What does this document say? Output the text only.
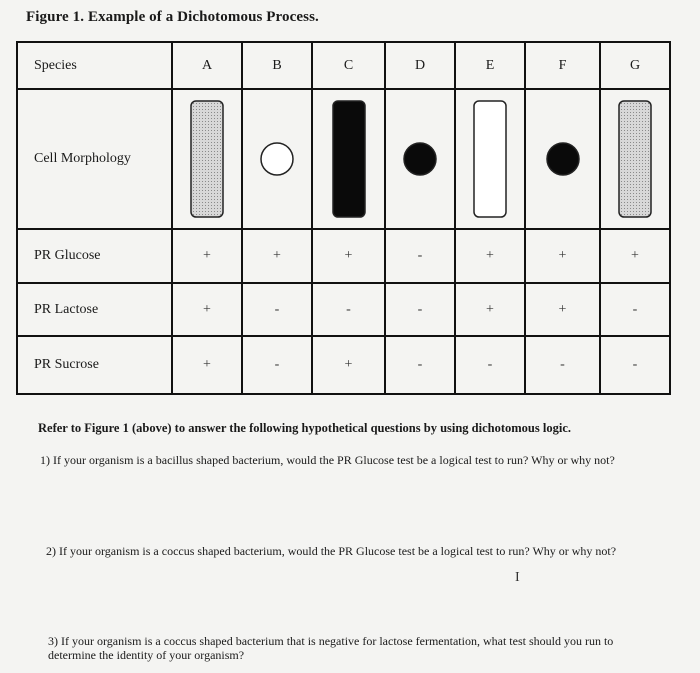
Figure 1. Example of a Dichotomous Process.
Species	A	B	C	D	E	F	G
Cell Morphology	

PR Glucose	+	+	+	-	+	+	+
PR Lactose	+	-	-	-	+	+	-
PR Sucrose	+	-	+	-	-	-	-
Refer to Figure 1 (above) to answer the following hypothetical questions by using dichotomous logic.
1) If your organism is a bacillus shaped bacterium, would the PR Glucose test be a logical test to run? Why or why not?
2) If your organism is a coccus shaped bacterium, would the PR Glucose test be a logical test to run? Why or why not?
I
3) If your organism is a coccus shaped bacterium that is negative for lactose fermentation, what test should you run to determine the identity of your organism?
